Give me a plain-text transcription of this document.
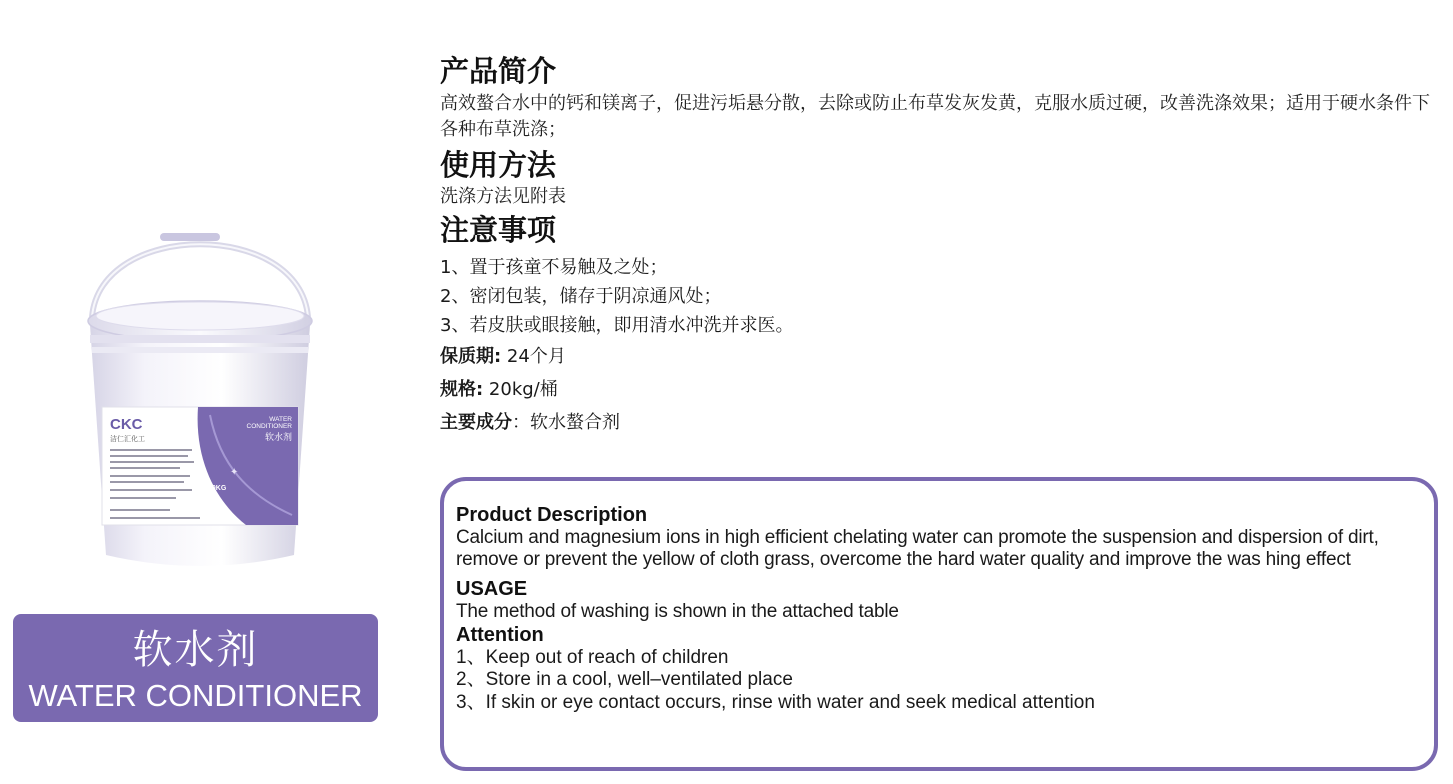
CKC
洁仁汇化工
WATER
CONDITIONER
软水剂
20KG
✦
软水剂
WATER CONDITIONER
产品简介
高效螯合水中的钙和镁离子，促进污垢悬分散，去除或防止布草发灰发黄，克服水质过硬，改善洗涤效果；适用于硬水条件下各种布草洗涤；
使用方法
洗涤方法见附表
注意事项
1、置于孩童不易触及之处；
2、密闭包装，储存于阴凉通风处；
3、若皮肤或眼接触，即用清水冲洗并求医。
保质期: 24个月
规格: 20kg/桶
主要成分：软水螯合剂
Product Description
Calcium and magnesium ions in high efficient chelating water can promote the suspension and dispersion of dirt, remove or prevent the yellow of cloth grass, overcome the hard water quality and improve the was hing effect
USAGE
The method of washing is shown in the attached table
Attention
1、Keep out of reach of children
2、Store in a cool, well–ventilated place
3、If skin or eye contact occurs, rinse with water and seek medical attention
